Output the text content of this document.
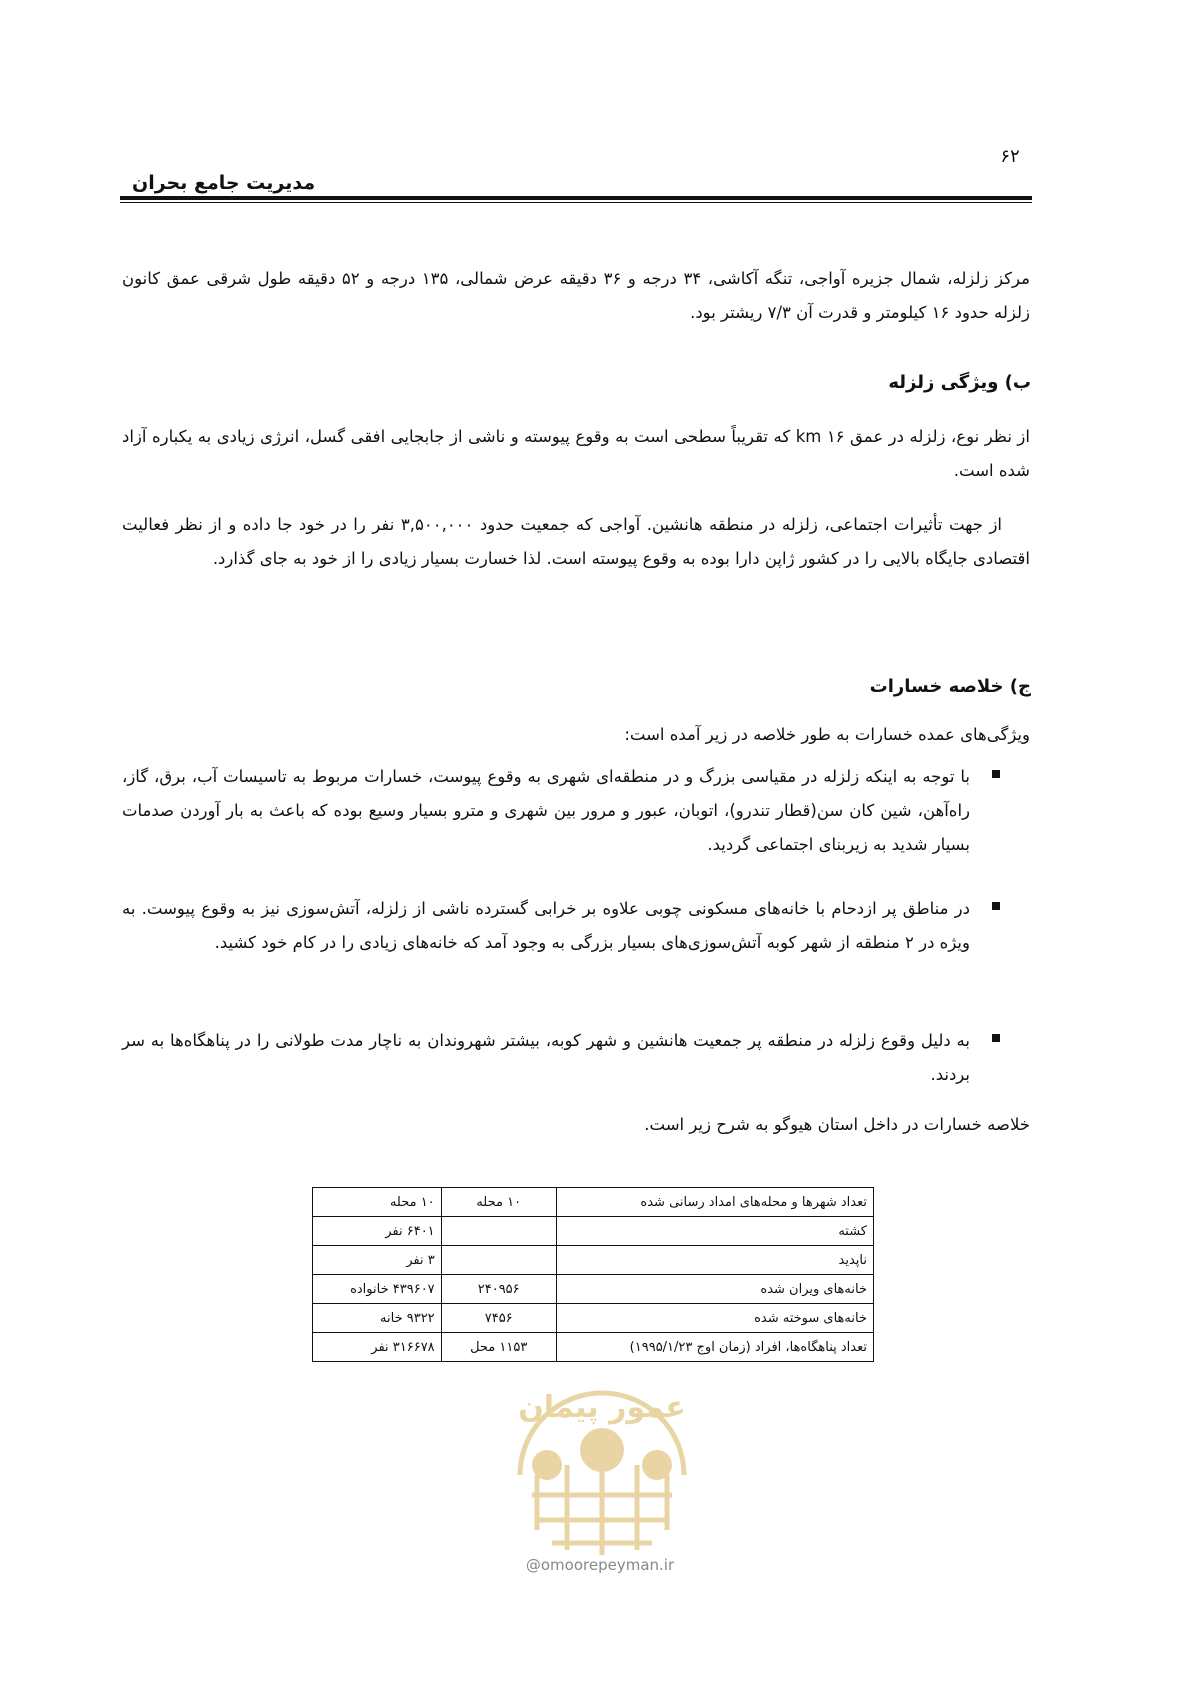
۶۲
مدیریت جامع بحران
مرکز زلزله، شمال جزیره آواجی، تنگه آکاشی، ۳۴ درجه و ۳۶ دقیقه عرض شمالی، ۱۳۵ درجه و ۵۲ دقیقه طول شرقی عمق کانون زلزله حدود ۱۶ کیلومتر و قدرت آن ۷/۳ ریشتر بود.
ب) ویژگی زلزله
از نظر نوع، زلزله در عمق km ۱۶ که تقریباً سطحی است به وقوع پیوسته و ناشی از جابجایی افقی گسل، انرژی زیادی به یکباره آزاد شده است.
از جهت تأثیرات اجتماعی، زلزله در منطقه هانشین. آواجی که جمعیت حدود ۳,۵۰۰,۰۰۰ نفر را در خود جا داده و از نظر فعالیت اقتصادی جایگاه بالایی را در کشور ژاپن دارا بوده به وقوع پیوسته است. لذا خسارت بسیار زیادی را از خود به جای گذارد.
ج) خلاصه خسارات
ویژگی‌های عمده خسارات به طور خلاصه در زیر آمده است:
با توجه به اینکه زلزله در مقیاسی بزرگ و در منطقه‌ای شهری به وقوع پیوست، خسارات مربوط به تاسیسات آب، برق، گاز، راه‌آهن، شین کان سن(قطار تندرو)، اتوبان، عبور و مرور بین شهری و مترو بسیار وسیع بوده که باعث به بار آوردن صدمات بسیار شدید به زیربنای اجتماعی گردید.
در مناطق پر ازدحام با خانه‌های مسکونی چوبی علاوه بر خرابی گسترده ناشی از زلزله، آتش‌سوزی نیز به وقوع پیوست. به ویژه در ۲ منطقه از شهر کوبه آتش‌سوزی‌های بسیار بزرگی به وجود آمد که خانه‌های زیادی را در کام خود کشید.
به دلیل وقوع زلزله در منطقه پر جمعیت هانشین و شهر کوبه، بیشتر شهروندان به ناچار مدت طولانی را در پناهگاه‌ها به سر بردند.
خلاصه خسارات در داخل استان هیوگو به شرح زیر است.
تعداد شهرها و محله‌های امداد رسانی شده	۱۰ محله	۱۰ محله
کشته		۶۴۰۱ نفر
ناپدید		۳ نفر
خانه‌های ویران شده	۲۴۰۹۵۶	۴۳۹۶۰۷ خانواده
خانه‌های سوخته شده	۷۴۵۶	۹۳۲۲ خانه
تعداد پناهگاه‌ها، افراد (زمان اوج ۱۹۹۵/۱/۲۳)	۱۱۵۳ محل	۳۱۶۶۷۸ نفر
عمور پیمان
@omoorepeyman.ir
